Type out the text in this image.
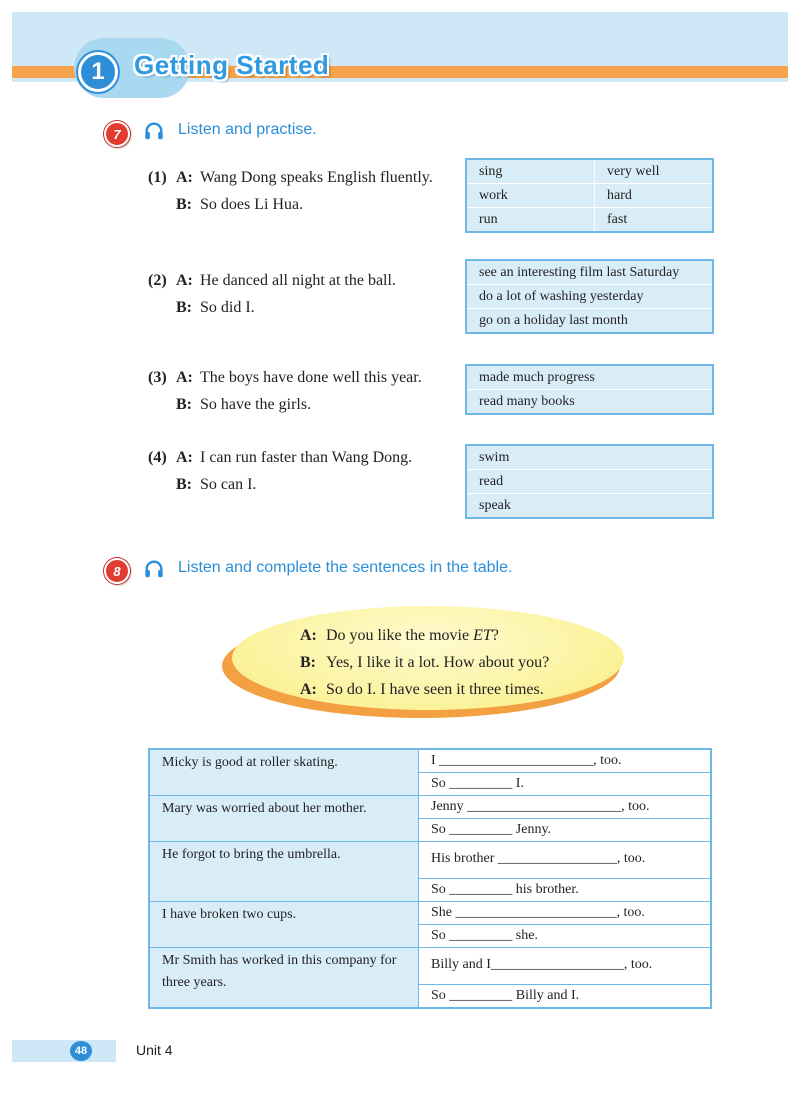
1	Getting Started
7	Listen and practise.
(1) A: Wang Dong speaks English fluently.
B: So does Li Hua.
sing	very well
work	hard
run	fast
(2) A: He danced all night at the ball.
B: So did I.
see an interesting film last Saturday
do a lot of washing yesterday
go on a holiday last month
(3) A: The boys have done well this year.
B: So have the girls.
made much progress
read many books
(4) A: I can run faster than Wang Dong.
B: So can I.
swim
read
speak
8	Listen and complete the sentences in the table.
A: Do you like the movie ET?
B: Yes, I like it a lot. How about you?
A: So do I. I have seen it three times.
Micky is good at roller skating.	I ______________________, too.
	So _________ I.
Mary was worried about her mother.	Jenny ______________________, too.
	So _________ Jenny.
He forgot to bring the umbrella.	His brother _________________, too.
	So _________ his brother.
I have broken two cups.	She _______________________, too.
	So _________ she.
Mr Smith has worked in this company for three years.	Billy and I___________________, too.
	So _________ Billy and I.
48	Unit 4
